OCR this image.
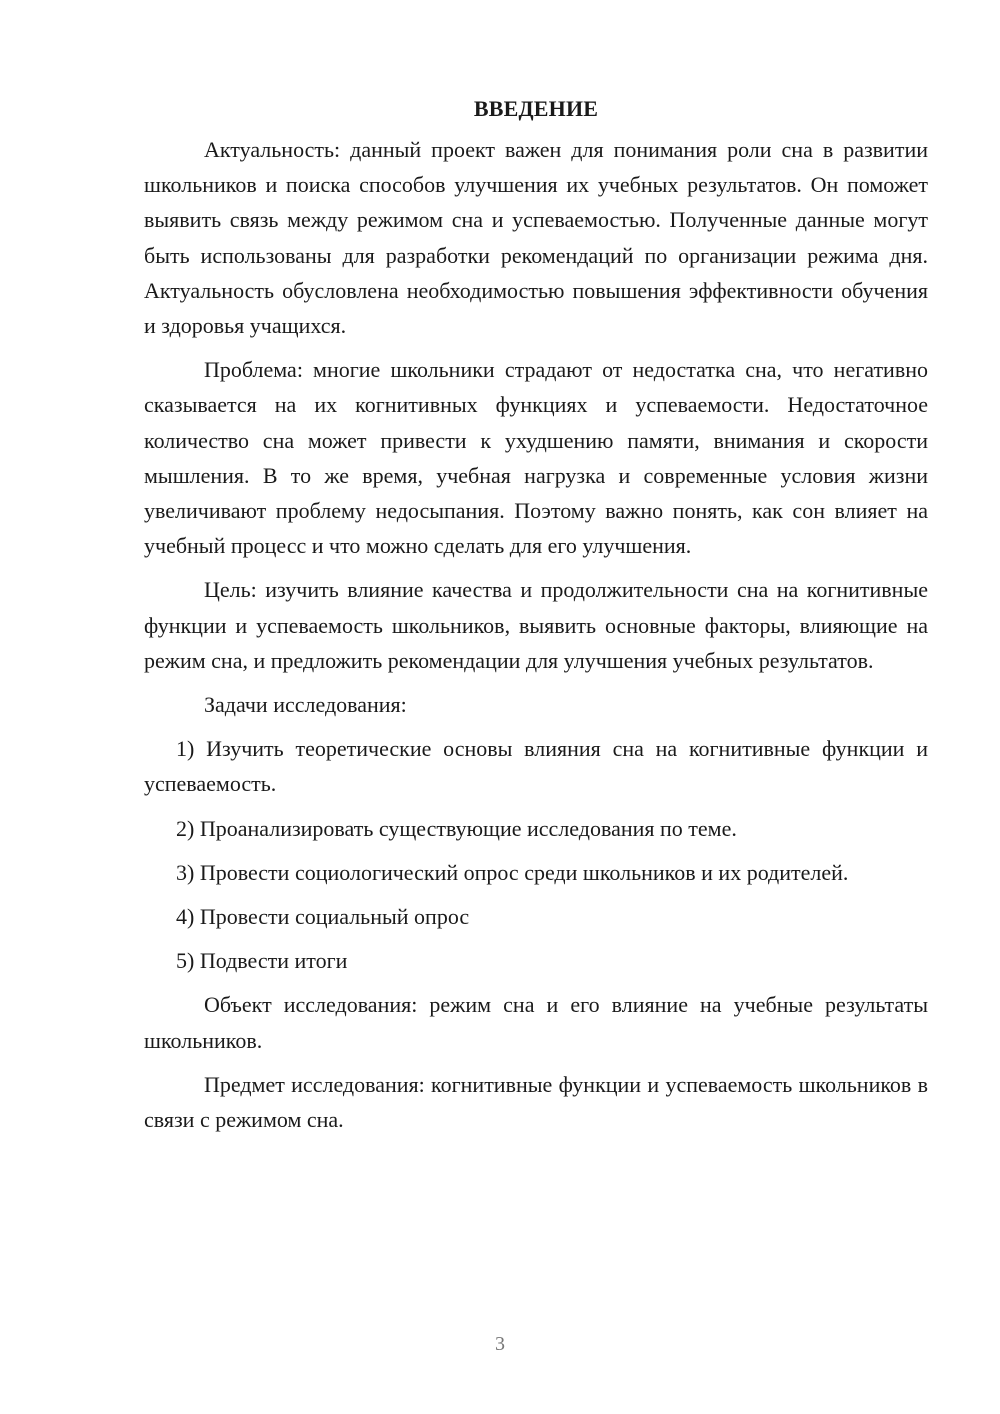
ВВЕДЕНИЕ

Актуальность: данный проект важен для понимания роли сна в развитии школьников и поиска способов улучшения их учебных результатов. Он поможет выявить связь между режимом сна и успеваемостью. Полученные данные могут быть использованы для разработки рекомендаций по организации режима дня. Актуальность обусловлена необходимостью повышения эффективности обучения и здоровья учащихся.

Проблема: многие школьники страдают от недостатка сна, что негативно сказывается на их когнитивных функциях и успеваемости. Недостаточное количество сна может привести к ухудшению памяти, внимания и скорости мышления. В то же время, учебная нагрузка и современные условия жизни увеличивают проблему недосыпания. Поэтому важно понять, как сон влияет на учебный процесс и что можно сделать для его улучшения.

Цель: изучить влияние качества и продолжительности сна на когнитивные функции и успеваемость школьников, выявить основные факторы, влияющие на режим сна, и предложить рекомендации для улучшения учебных результатов.

Задачи исследования:

1) Изучить теоретические основы влияния сна на когнитивные функции и успеваемость.

2) Проанализировать существующие исследования по теме.

3) Провести социологический опрос среди школьников и их родителей.

4) Провести социальный опрос

5) Подвести итоги

Объект исследования: режим сна и его влияние на учебные результаты школьников.

Предмет исследования: когнитивные функции и успеваемость школьников в связи с режимом сна.

3
